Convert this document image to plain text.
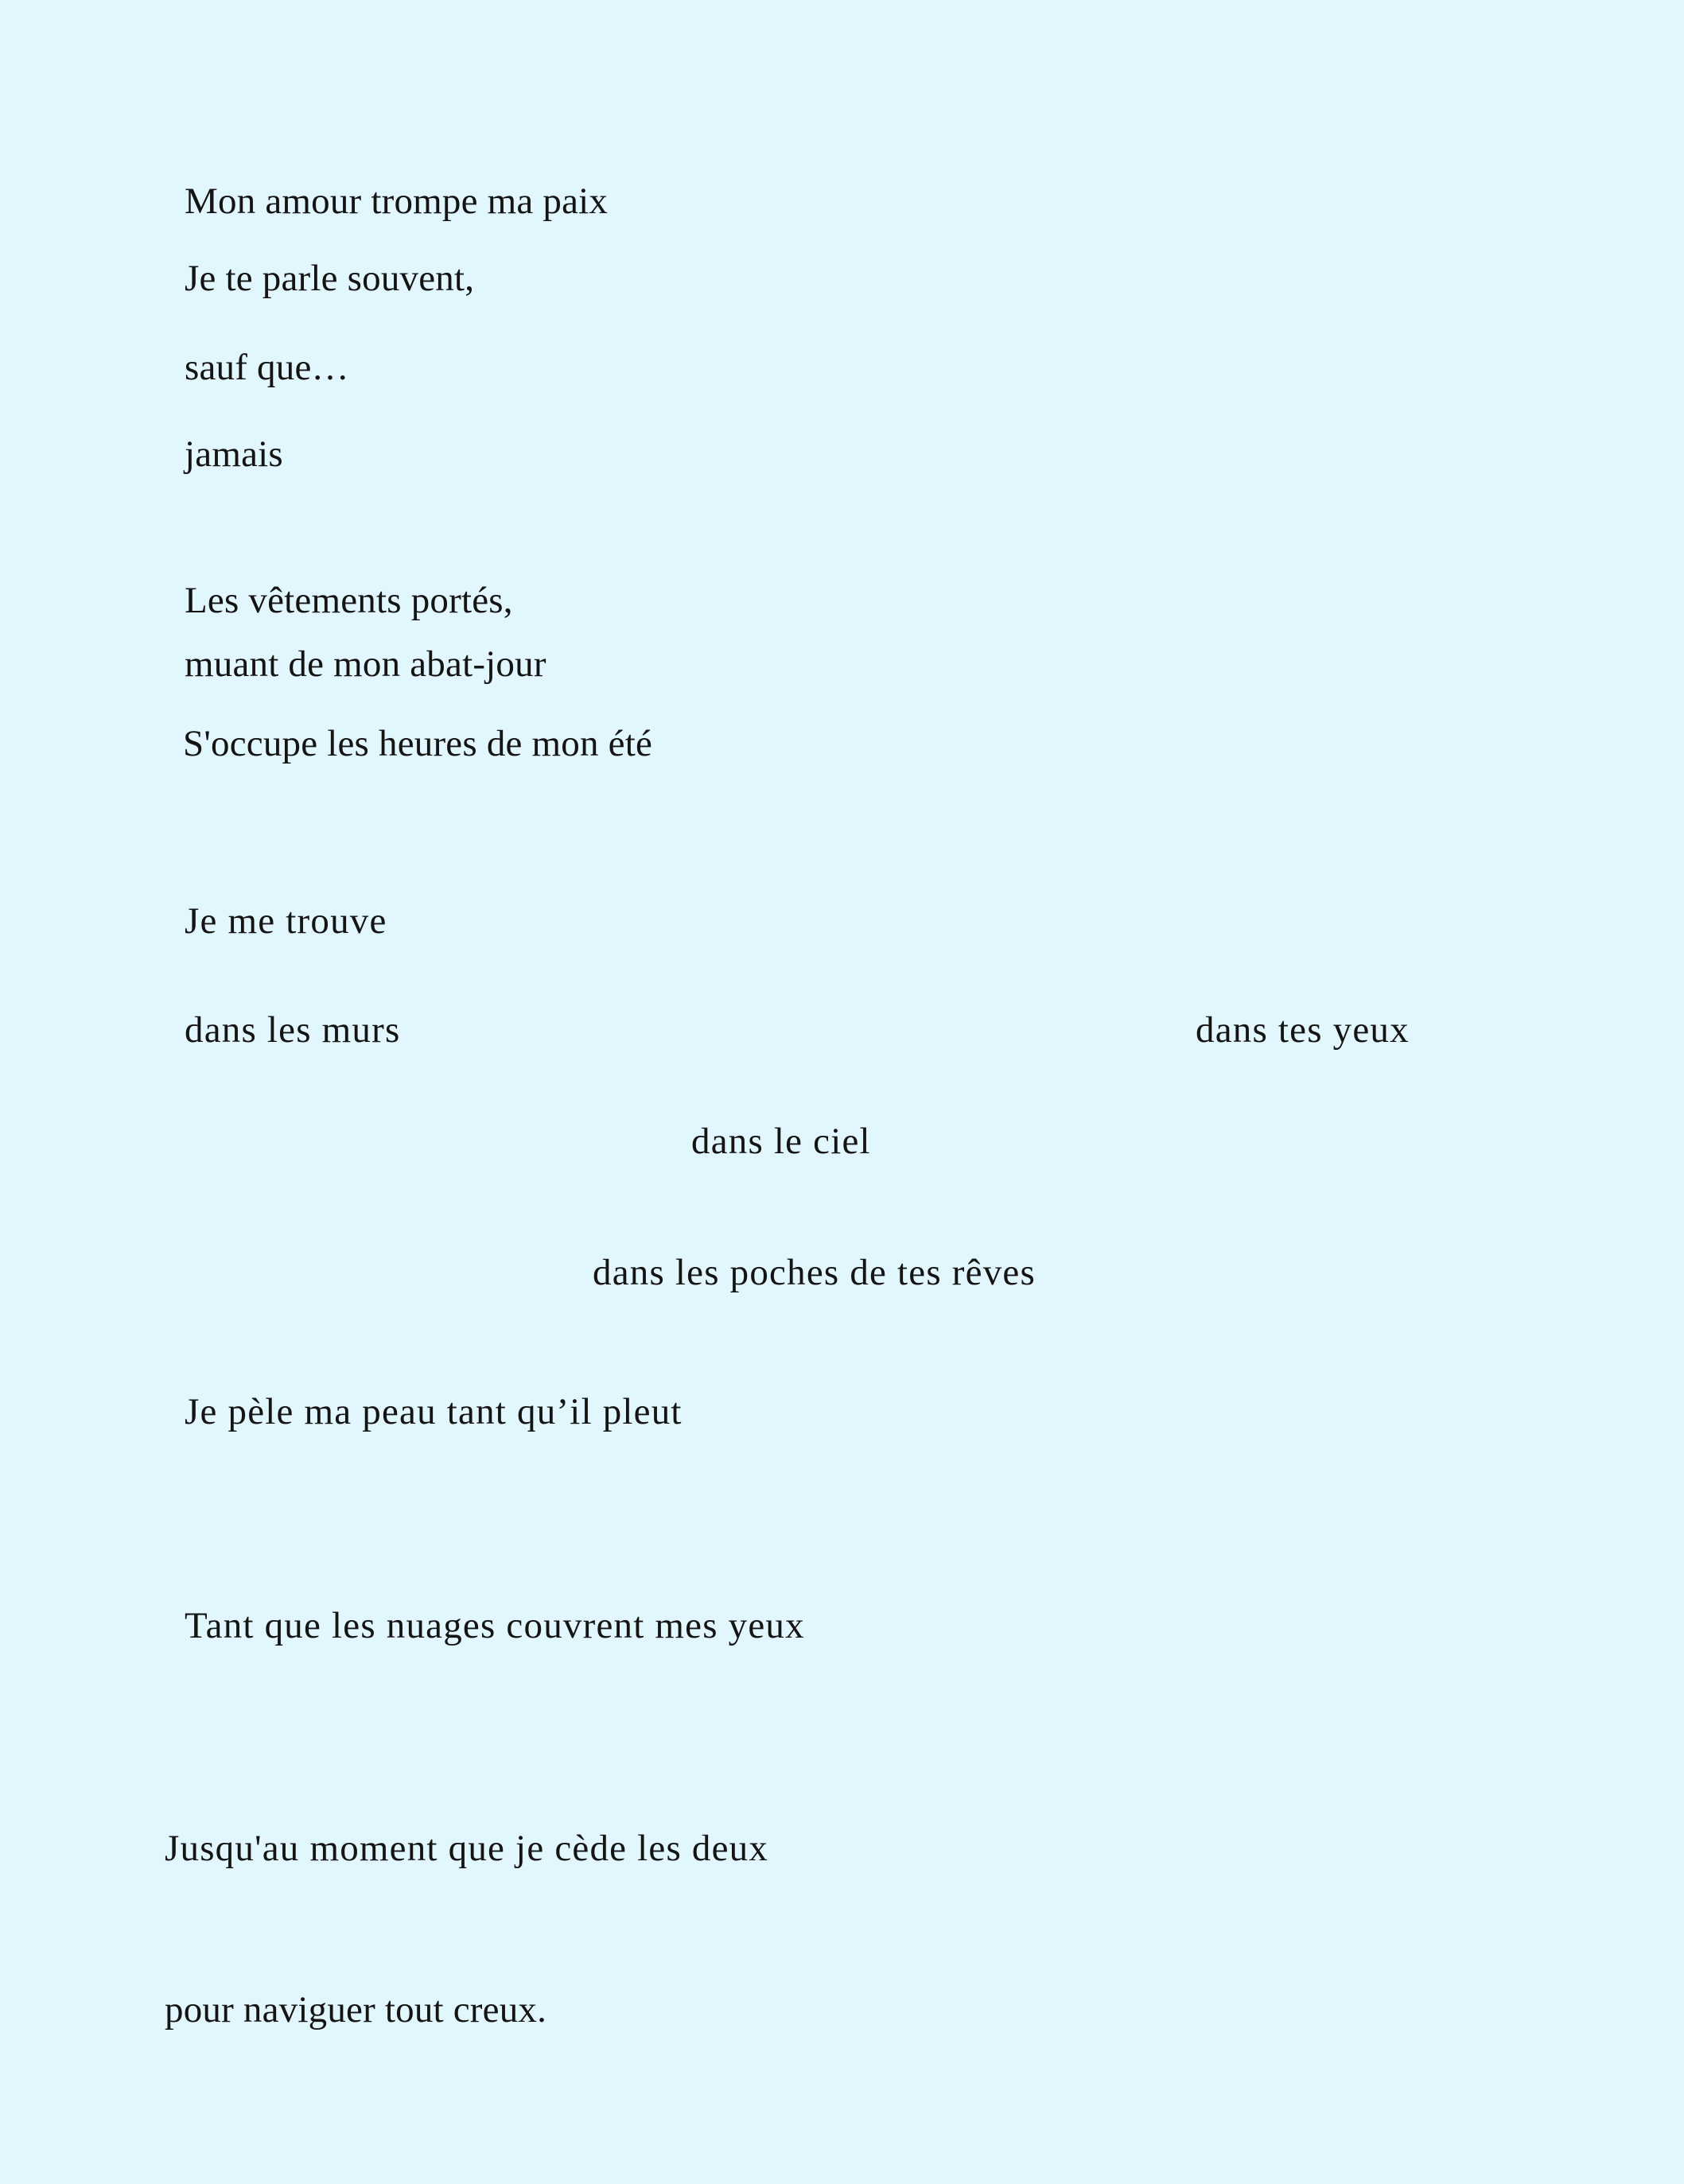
Mon amour trompe ma paix

Je te parle souvent,

sauf que…

jamais

Les vêtements portés,

muant de mon abat-jour

S'occupe les heures de mon été

Je me trouve

dans les murs	dans tes yeux

dans le ciel

dans les poches de tes rêves

Je pèle ma peau tant qu’il pleut

Tant que les nuages couvrent mes yeux

Jusqu'au moment que je cède les deux

pour naviguer tout creux.
